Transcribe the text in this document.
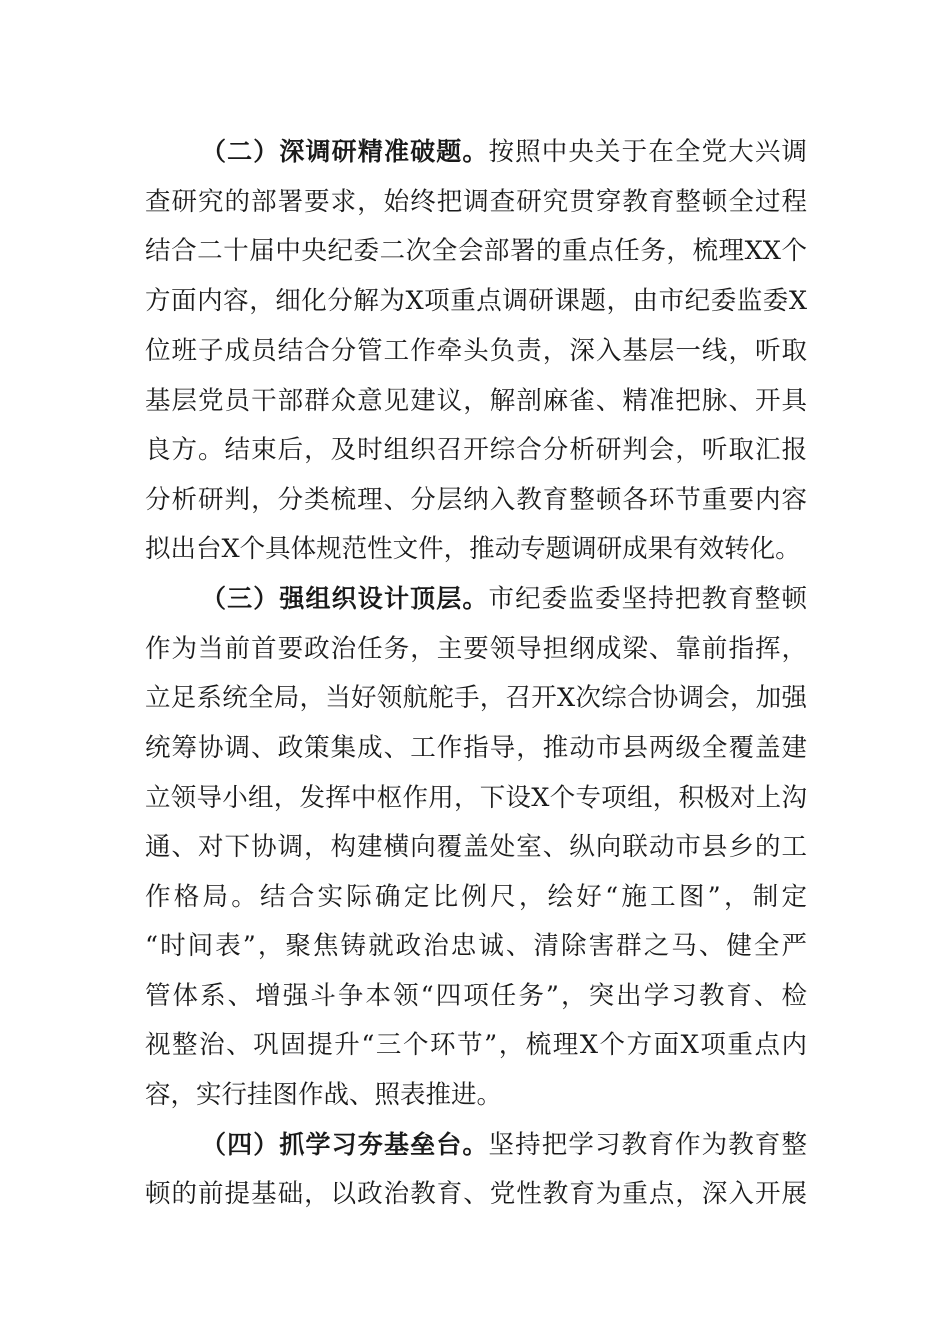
（二）深调研精准破题。按照中央关于在全党大兴调
查研究的部署要求，始终把调查研究贯穿教育整顿全过程
结合二十届中央纪委二次全会部署的重点任务，梳理XX个
方面内容，细化分解为X项重点调研课题，由市纪委监委X
位班子成员结合分管工作牵头负责，深入基层一线，听取
基层党员干部群众意见建议，解剖麻雀、精准把脉、开具
良方。结束后，及时组织召开综合分析研判会，听取汇报
分析研判，分类梳理、分层纳入教育整顿各环节重要内容
拟出台X个具体规范性文件，推动专题调研成果有效转化。
（三）强组织设计顶层。市纪委监委坚持把教育整顿
作为当前首要政治任务，主要领导担纲成梁、靠前指挥，
立足系统全局，当好领航舵手，召开X次综合协调会，加强
统筹协调、政策集成、工作指导，推动市县两级全覆盖建
立领导小组，发挥中枢作用，下设X个专项组，积极对上沟
通、对下协调，构建横向覆盖处室、纵向联动市县乡的工
作格局。结合实际确定比例尺，绘好“施工图”，制定
“时间表”，聚焦铸就政治忠诚、清除害群之马、健全严
管体系、增强斗争本领“四项任务”，突出学习教育、检
视整治、巩固提升“三个环节”，梳理X个方面X项重点内
容，实行挂图作战、照表推进。
（四）抓学习夯基垒台。坚持把学习教育作为教育整
顿的前提基础，以政治教育、党性教育为重点，深入开展
